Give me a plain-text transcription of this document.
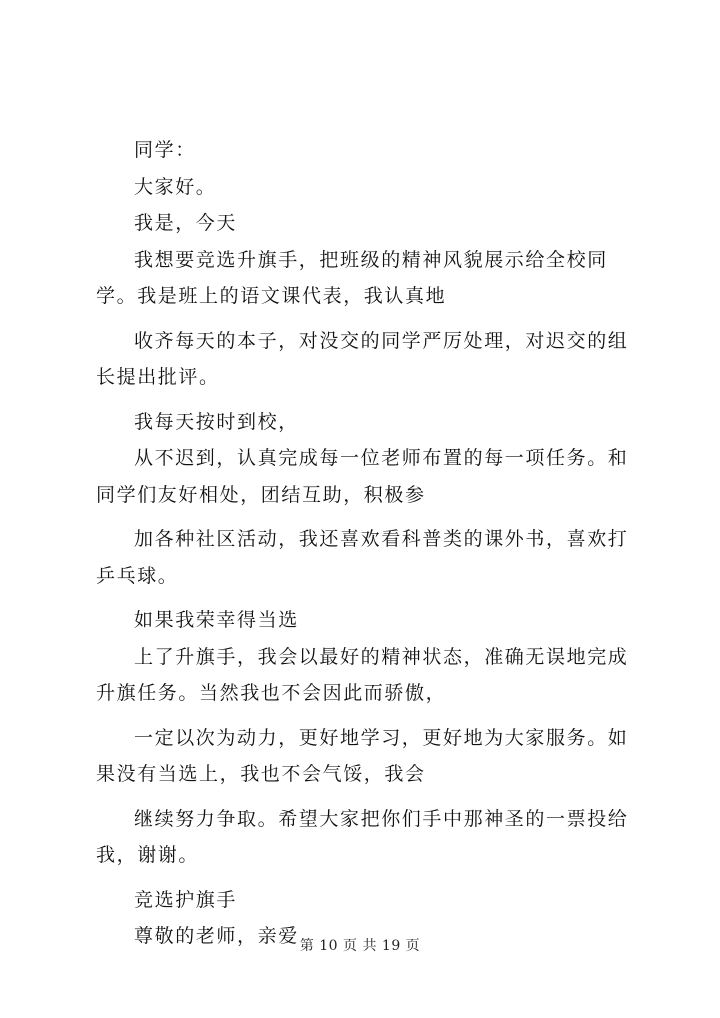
同学：

大家好。

我是，今天

我想要竞选升旗手，把班级的精神风貌展示给全校同学。我是班上的语文课代表，我认真地

收齐每天的本子，对没交的同学严厉处理，对迟交的组长提出批评。

我每天按时到校，

从不迟到，认真完成每一位老师布置的每一项任务。和同学们友好相处，团结互助，积极参

加各种社区活动，我还喜欢看科普类的课外书，喜欢打乒乓球。

如果我荣幸得当选

上了升旗手，我会以最好的精神状态，准确无误地完成升旗任务。当然我也不会因此而骄傲，

一定以次为动力，更好地学习，更好地为大家服务。如果没有当选上，我也不会气馁，我会

继续努力争取。希望大家把你们手中那神圣的一票投给我，谢谢。

竞选护旗手

尊敬的老师，亲爱 第 10 页 共 19 页
